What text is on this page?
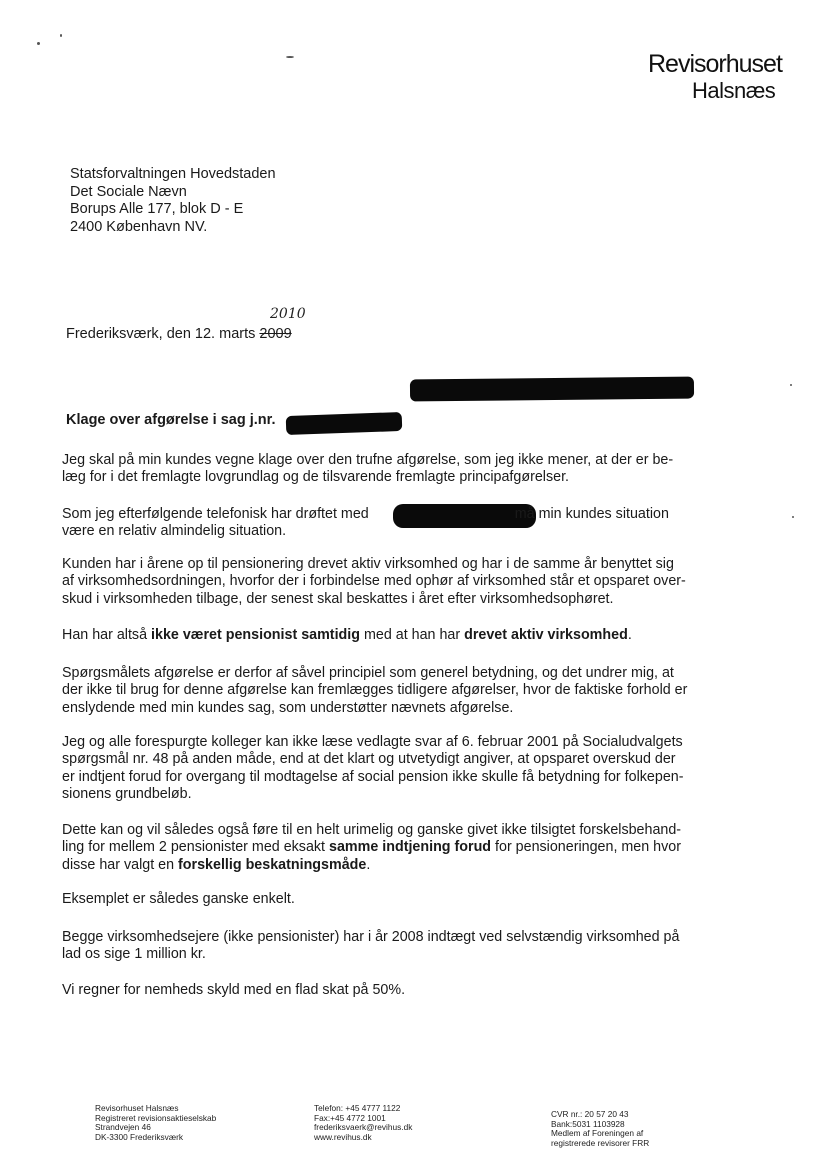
Revisorhuset
Halsnæs
Statsforvaltningen Hovedstaden
Det Sociale Nævn
Borups Alle 177, blok D - E
2400 København NV.
2010
Frederiksværk, den 12. marts 2009
Klage over afgørelse i sag j.nr.
Jeg skal på min kundes vegne klage over den trufne afgørelse, som jeg ikke mener, at der er be-
læg for i det fremlagte lovgrundlag og de tilsvarende fremlagte principafgørelser.
Som jeg efterfølgende telefonisk har drøftet med	må min kundes situation
være en relativ almindelig situation.
Kunden har i årene op til pensionering drevet aktiv virksomhed og har i de samme år benyttet sig
af virksomhedsordningen, hvorfor der i forbindelse med ophør af virksomhed står et opsparet over-
skud i virksomheden tilbage, der senest skal beskattes i året efter virksomhedsophøret.
Han har altså ikke været pensionist samtidig med at han har drevet aktiv virksomhed.
Spørgsmålets afgørelse er derfor af såvel principiel som generel betydning, og det undrer mig, at
der ikke til brug for denne afgørelse kan fremlægges tidligere afgørelser, hvor de faktiske forhold er
enslydende med min kundes sag, som understøtter nævnets afgørelse.
Jeg og alle forespurgte kolleger kan ikke læse vedlagte svar af 6. februar 2001 på Socialudvalgets
spørgsmål nr. 48 på anden måde, end at det klart og utvetydigt angiver, at opsparet overskud der
er indtjent forud for overgang til modtagelse af social pension ikke skulle få betydning for folkepen-
sionens grundbeløb.
Dette kan og vil således også føre til en helt urimelig og ganske givet ikke tilsigtet forskelsbehand-
ling for mellem 2 pensionister med eksakt samme indtjening forud for pensioneringen, men hvor
disse har valgt en forskellig beskatningsmåde.
Eksemplet er således ganske enkelt.
Begge virksomhedsejere (ikke pensionister) har i år 2008 indtægt ved selvstændig virksomhed på
lad os sige 1 million kr.
Vi regner for nemheds skyld med en flad skat på 50%.
Revisorhuset Halsnæs
Registreret revisionsaktieselskab
Strandvejen 46
DK-3300 Frederiksværk
Telefon: +45 4777 1122
Fax:+45 4772 1001
frederiksvaerk@revihus.dk
www.revihus.dk
CVR nr.: 20 57 20 43
Bank:5031 1103928
Medlem af Foreningen af
registrerede revisorer FRR
